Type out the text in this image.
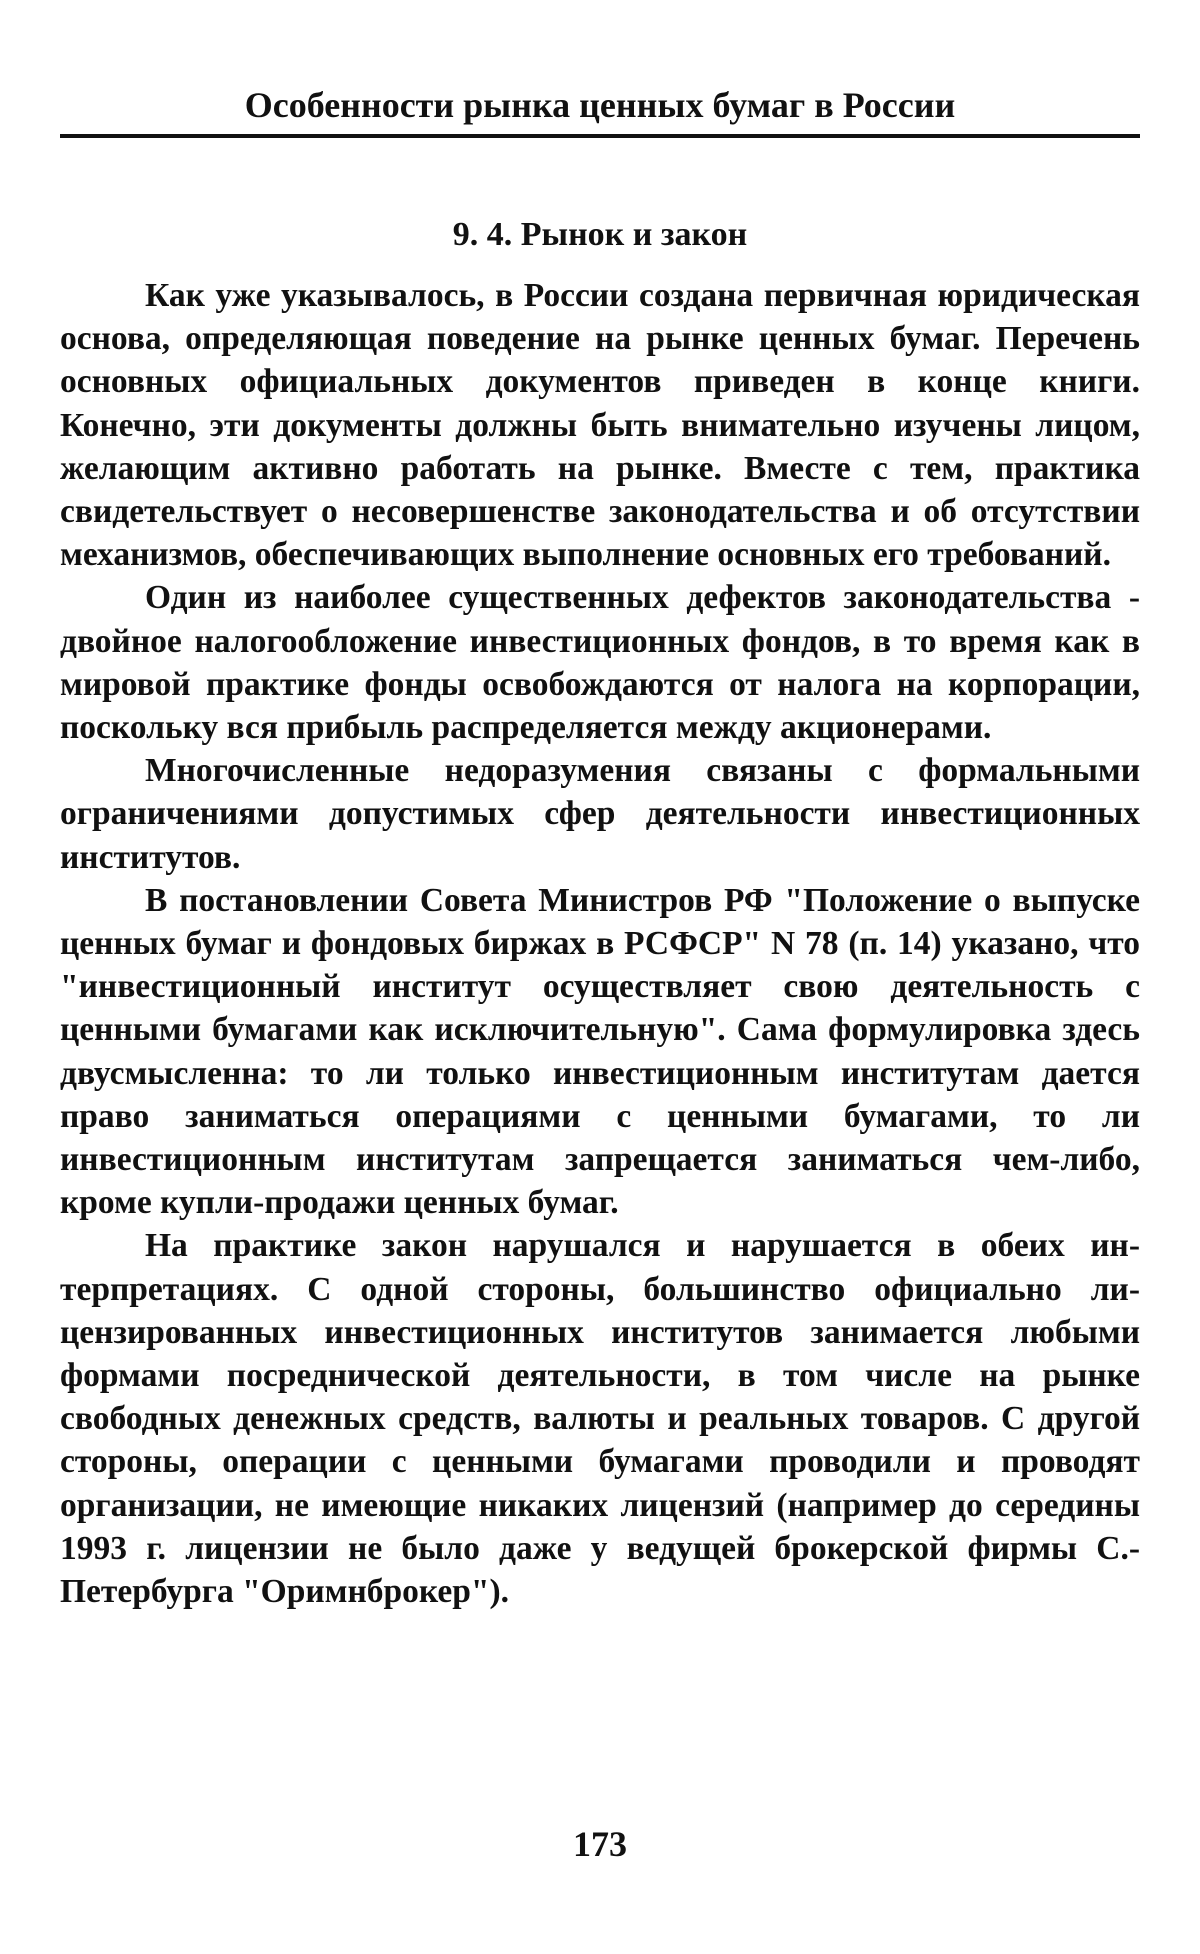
Особенности рынка ценных бумаг в России
9. 4. Рынок и закон

Как уже указывалось, в России создана первичная юридическая основа, определяющая поведение на рынке ценных бумаг. Перечень основных официальных документов приведен в конце книги. Конечно, эти документы должны быть внимательно изучены лицом, желающим активно работать на рынке. Вместе с тем, практика свидетельствует о несовершенстве законодательства и об отсутствии механизмов, обеспечивающих выполнение основных его требований.

Один из наиболее существенных дефектов законодательства - двойное налогообложение инвестиционных фондов, в то время как в мировой практике фонды освобождаются от налога на корпорации, поскольку вся прибыль распределяется между акционерами.

Многочисленные недоразумения связаны с формальными ограничениями допустимых сфер деятельности инвестиционных институтов.

В постановлении Совета Министров РФ "Положение о выпуске ценных бумаг и фондовых биржах в РСФСР" N 78 (п. 14) указано, что "инвестиционный институт осуществляет свою деятельность с ценными бумагами как исключительную". Сама формулировка здесь двусмысленна: то ли только инвестиционным институтам дается право заниматься операциями с ценными бумагами, то ли инвестиционным институтам запрещается заниматься чем-либо, кроме купли-продажи ценных бумаг.

На практике закон нарушался и нарушается в обеих интерпретациях. С одной стороны, большинство официально лицензированных инвестиционных институтов занимается любыми формами посреднической деятельности, в том числе на рынке свободных денежных средств, валюты и реальных товаров. С другой стороны, операции с ценными бумагами проводили и проводят организации, не имеющие никаких лицензий (например до середины 1993 г. лицензии не было даже у ведущей брокерской фирмы С.-Петербурга "Оримнброкер").

173
